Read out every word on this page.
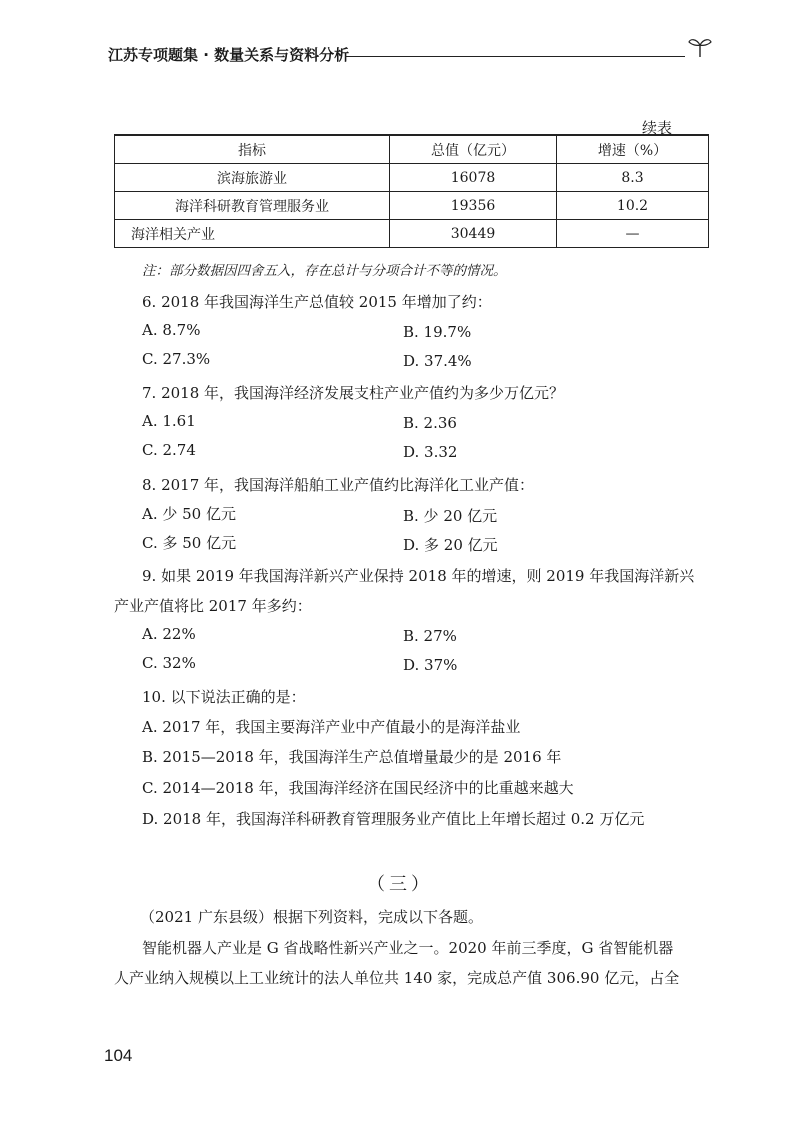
江苏专项题集 · 数量关系与资料分析
续表
指标	总值（亿元）	增速（%）
滨海旅游业	16078	8.3
海洋科研教育管理服务业	19356	10.2
海洋相关产业	30449	—
注：部分数据因四舍五入，存在总计与分项合计不等的情况。
6. 2018 年我国海洋生产总值较 2015 年增加了约：
A. 8.7%	B. 19.7%
C. 27.3%	D. 37.4%
7. 2018 年，我国海洋经济发展支柱产业产值约为多少万亿元？
A. 1.61	B. 2.36
C. 2.74	D. 3.32
8. 2017 年，我国海洋船舶工业产值约比海洋化工业产值：
A. 少 50 亿元	B. 少 20 亿元
C. 多 50 亿元	D. 多 20 亿元
9. 如果 2019 年我国海洋新兴产业保持 2018 年的增速，则 2019 年我国海洋新兴
产业产值将比 2017 年多约：
A. 22%	B. 27%
C. 32%	D. 37%
10. 以下说法正确的是：
A. 2017 年，我国主要海洋产业中产值最小的是海洋盐业
B. 2015—2018 年，我国海洋生产总值增量最少的是 2016 年
C. 2014—2018 年，我国海洋经济在国民经济中的比重越来越大
D. 2018 年，我国海洋科研教育管理服务业产值比上年增长超过 0.2 万亿元
（三）
（2021 广东县级）根据下列资料，完成以下各题。
智能机器人产业是 G 省战略性新兴产业之一。2020 年前三季度，G 省智能机器
人产业纳入规模以上工业统计的法人单位共 140 家，完成总产值 306.90 亿元，占全
104
